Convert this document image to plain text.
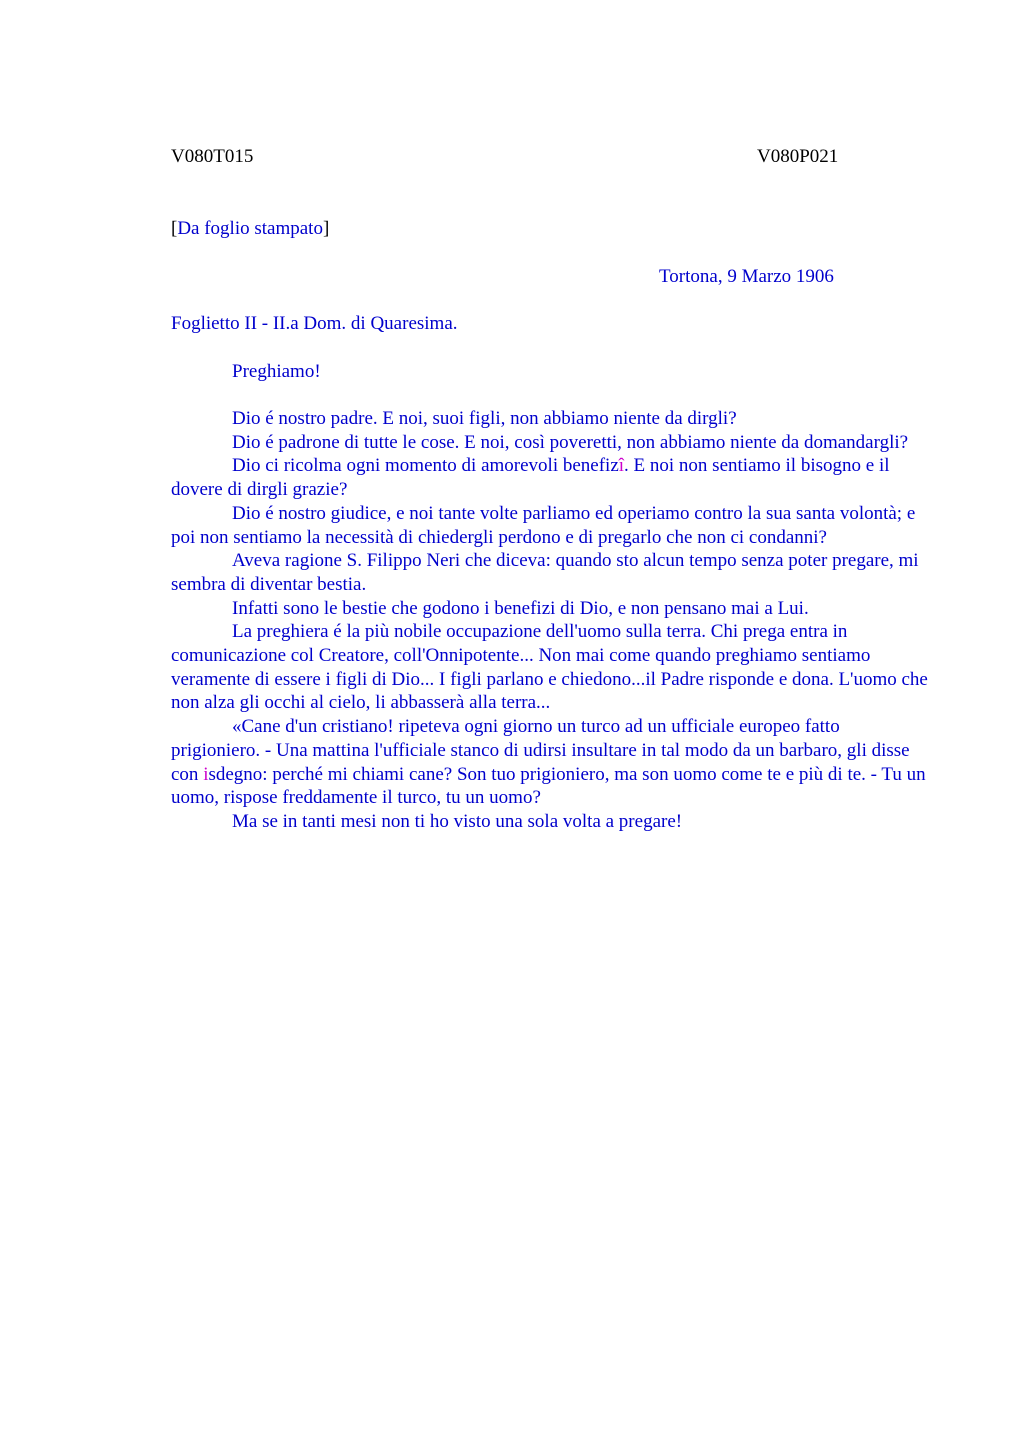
V080T015	V080P021
[Da foglio stampato]
Tortona, 9 Marzo 1906
Foglietto II - II.a Dom. di Quaresima.
Preghiamo!

Dio é nostro padre. E noi, suoi figli, non abbiamo niente da dirgli?

Dio é padrone di tutte le cose. E noi, così poveretti, non abbiamo niente da domandargli?

Dio ci ricolma ogni momento di amorevoli benefizî. E noi non sentiamo il bisogno e il dovere di dirgli grazie?

Dio é nostro giudice, e noi tante volte parliamo ed operiamo contro la sua santa volontà; e poi non sentiamo la necessità di chiedergli perdono e di pregarlo che non ci condanni?

Aveva ragione S. Filippo Neri che diceva: quando sto alcun tempo senza poter pregare, mi sembra di diventar bestia.

Infatti sono le bestie che godono i benefizi di Dio, e non pensano mai a Lui.

La preghiera é la più nobile occupazione dell'uomo sulla terra. Chi prega entra in comunicazione col Creatore, coll'Onnipotente... Non mai come quando preghiamo sentiamo veramente di essere i figli di Dio... I figli parlano e chiedono...il Padre risponde e dona. L'uomo che non alza gli occhi al cielo, li abbasserà alla terra...

«Cane d'un cristiano! ripeteva ogni giorno un turco ad un ufficiale europeo fatto prigioniero. - Una mattina l'ufficiale stanco di udirsi insultare in tal modo da un barbaro, gli disse con isdegno: perché mi chiami cane? Son tuo prigioniero, ma son uomo come te e più di te. - Tu un uomo, rispose freddamente il turco, tu un uomo?

Ma se in tanti mesi non ti ho visto una sola volta a pregare!
